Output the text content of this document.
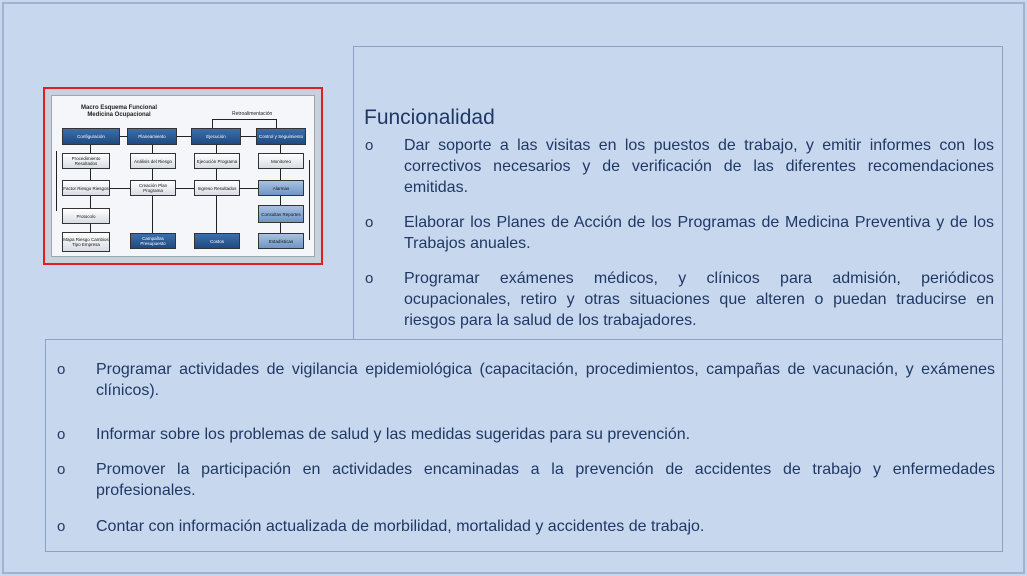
Macro Esquema Funcional Medicina Ocupacional	Retroalimentación
Configuración	Planeamiento	Ejecución	Control y Seguimiento
Procedimiento Resultados
Factor Riesgo Riesgos
Protocolo
Mapa Riesgo Cambios Tipo Empresa
Análisis del Riesgo
Creación Plan Programa
Campañas Presupuesto
Ejecución Programa
Ingreso Resultados
Costos
Monitoreo
Alarmas
Consultas Reportes
Estadísticas
Funcionalidad
o Dar soporte a las visitas en los puestos de trabajo, y emitir informes con los correctivos necesarios y de verificación de las diferentes recomendaciones emitidas.
o Elaborar los Planes de Acción de los Programas de Medicina Preventiva y de los Trabajos anuales.
o Programar exámenes médicos, y clínicos para admisión, periódicos ocupacionales, retiro y otras situaciones que alteren o puedan traducirse en riesgos para la salud de los trabajadores.
o Programar actividades de vigilancia epidemiológica (capacitación, procedimientos, campañas de vacunación, y exámenes clínicos).
o Informar sobre los problemas de salud y las medidas sugeridas para su prevención.
o Promover la participación en actividades encaminadas a la prevención de accidentes de trabajo y enfermedades profesionales.
o Contar con información actualizada de morbilidad, mortalidad y accidentes de trabajo.
